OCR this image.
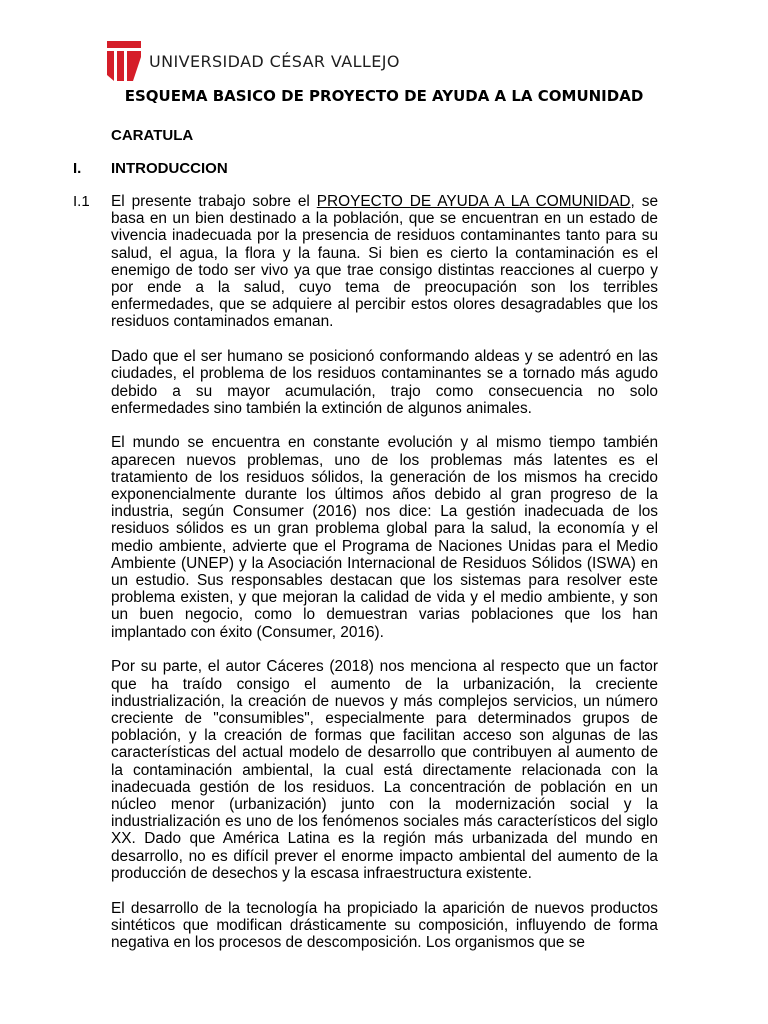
UNIVERSIDAD CÉSAR VALLEJO
ESQUEMA BASICO DE PROYECTO DE AYUDA A LA COMUNIDAD
CARATULA
I. INTRODUCCION
I.1 El presente trabajo sobre el PROYECTO DE AYUDA A LA COMUNIDAD, se basa en un bien destinado a la población, que se encuentran en un estado de vivencia inadecuada por la presencia de residuos contaminantes tanto para su salud, el agua, la flora y la fauna. Si bien es cierto la contaminación es el enemigo de todo ser vivo ya que trae consigo distintas reacciones al cuerpo y por ende a la salud, cuyo tema de preocupación son los terribles enfermedades, que se adquiere al percibir estos olores desagradables que los residuos contaminados emanan.

Dado que el ser humano se posicionó conformando aldeas y se adentró en las ciudades, el problema de los residuos contaminantes se a tornado más agudo debido a su mayor acumulación, trajo como consecuencia no solo enfermedades sino también la extinción de algunos animales.

El mundo se encuentra en constante evolución y al mismo tiempo también aparecen nuevos problemas, uno de los problemas más latentes es el tratamiento de los residuos sólidos, la generación de los mismos ha crecido exponencialmente durante los últimos años debido al gran progreso de la industria, según Consumer (2016) nos dice: La gestión inadecuada de los residuos sólidos es un gran problema global para la salud, la economía y el medio ambiente, advierte que el Programa de Naciones Unidas para el Medio Ambiente (UNEP) y la Asociación Internacional de Residuos Sólidos (ISWA) en un estudio. Sus responsables destacan que los sistemas para resolver este problema existen, y que mejoran la calidad de vida y el medio ambiente, y son un buen negocio, como lo demuestran varias poblaciones que los han implantado con éxito (Consumer, 2016).

Por su parte, el autor Cáceres (2018) nos menciona al respecto que un factor que ha traído consigo el aumento de la urbanización, la creciente industrialización, la creación de nuevos y más complejos servicios, un número creciente de "consumibles", especialmente para determinados grupos de población, y la creación de formas que facilitan acceso son algunas de las características del actual modelo de desarrollo que contribuyen al aumento de la contaminación ambiental, la cual está directamente relacionada con la inadecuada gestión de los residuos. La concentración de población en un núcleo menor (urbanización) junto con la modernización social y la industrialización es uno de los fenómenos sociales más característicos del siglo XX. Dado que América Latina es la región más urbanizada del mundo en desarrollo, no es difícil prever el enorme impacto ambiental del aumento de la producción de desechos y la escasa infraestructura existente.

El desarrollo de la tecnología ha propiciado la aparición de nuevos productos sintéticos que modifican drásticamente su composición, influyendo de forma negativa en los procesos de descomposición. Los organismos que se
